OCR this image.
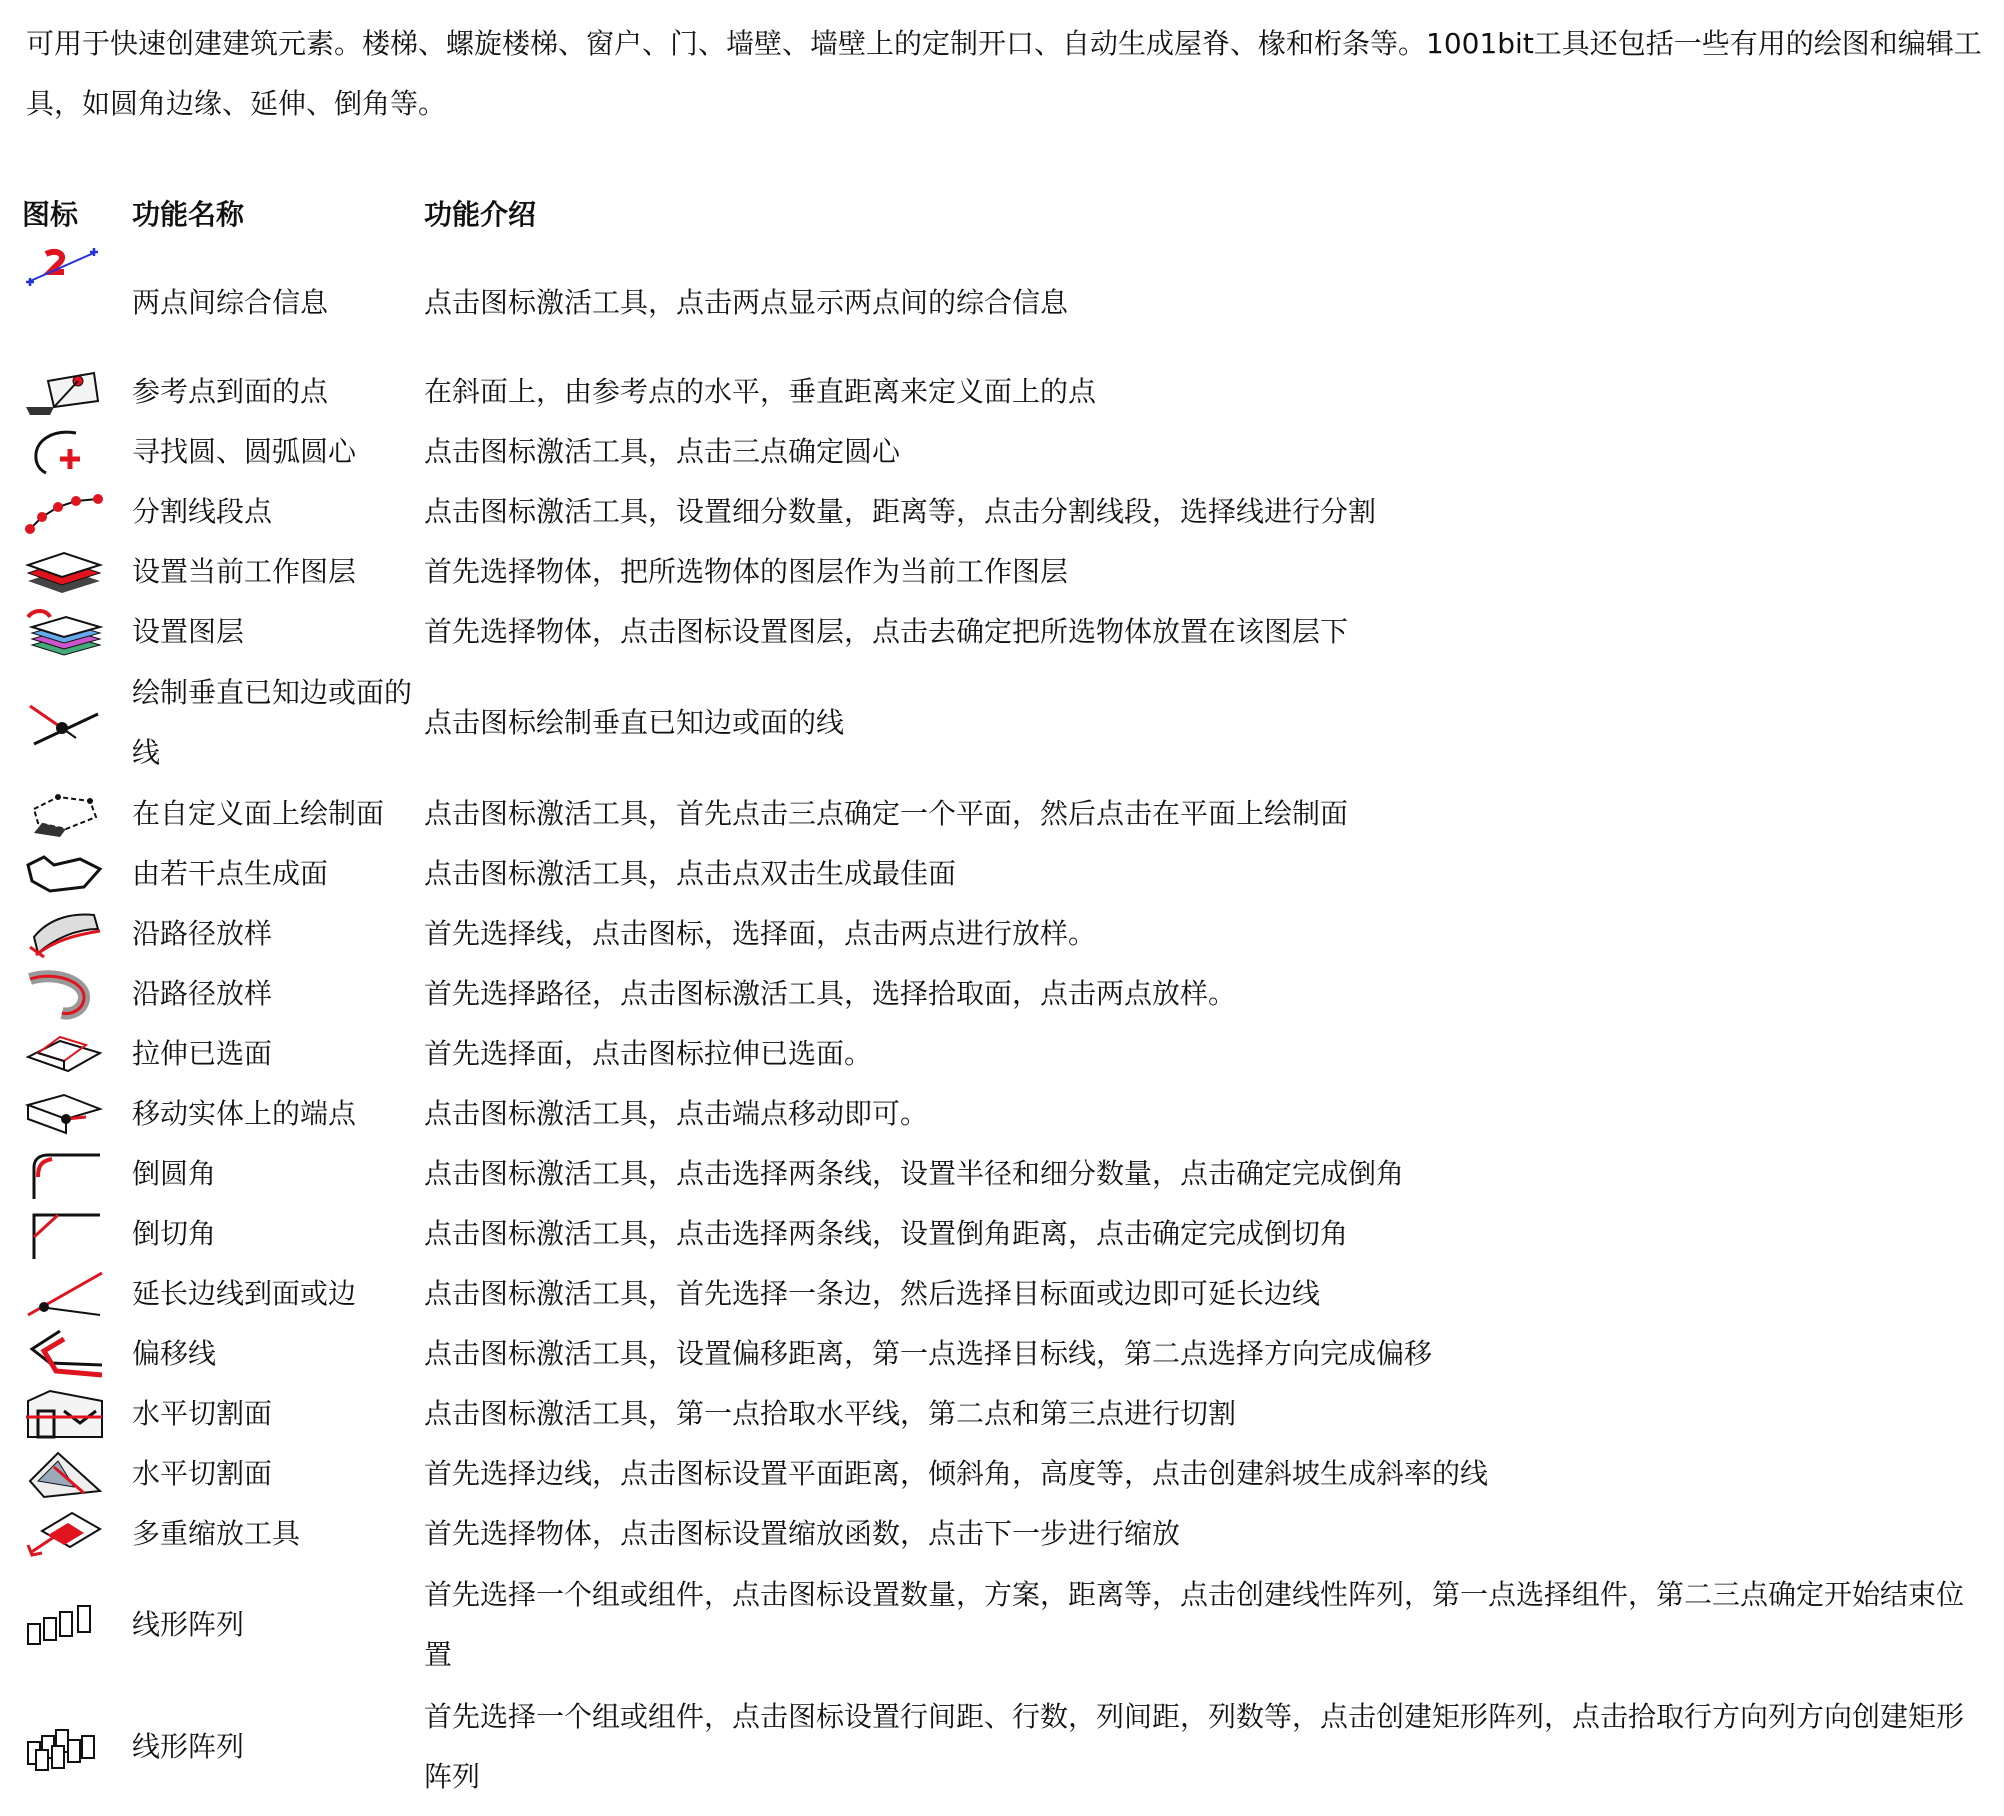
可用于快速创建建筑元素。楼梯、螺旋楼梯、窗户、门、墙壁、墙壁上的定制开口、自动生成屋脊、椽和桁条等。1001bit工具还包括一些有用的绘图和编辑工具，如圆角边缘、延伸、倒角等。

图标	功能名称	功能介绍

	两点间综合信息	点击图标激活工具，点击两点显示两点间的综合信息

	参考点到面的点	在斜面上，由参考点的水平，垂直距离来定义面上的点

	寻找圆、圆弧圆心	点击图标激活工具，点击三点确定圆心

	分割线段点	点击图标激活工具，设置细分数量，距离等，点击分割线段，选择线进行分割

	设置当前工作图层	首先选择物体，把所选物体的图层作为当前工作图层

	设置图层	首先选择物体，点击图标设置图层，点击去确定把所选物体放置在该图层下

	绘制垂直已知边或面的线	点击图标绘制垂直已知边或面的线

	在自定义面上绘制面	点击图标激活工具，首先点击三点确定一个平面，然后点击在平面上绘制面

	由若干点生成面	点击图标激活工具，点击点双击生成最佳面

	沿路径放样	首先选择线，点击图标，选择面，点击两点进行放样。

	沿路径放样	首先选择路径，点击图标激活工具，选择拾取面，点击两点放样。

	拉伸已选面	首先选择面，点击图标拉伸已选面。

	移动实体上的端点	点击图标激活工具，点击端点移动即可。

	倒圆角	点击图标激活工具，点击选择两条线，设置半径和细分数量，点击确定完成倒角

	倒切角	点击图标激活工具，点击选择两条线，设置倒角距离，点击确定完成倒切角

	延长边线到面或边	点击图标激活工具，首先选择一条边，然后选择目标面或边即可延长边线

	偏移线	点击图标激活工具，设置偏移距离，第一点选择目标线，第二点选择方向完成偏移

	水平切割面	点击图标激活工具，第一点拾取水平线，第二点和第三点进行切割

	水平切割面	首先选择边线，点击图标设置平面距离，倾斜角，高度等，点击创建斜坡生成斜率的线

	多重缩放工具	首先选择物体，点击图标设置缩放函数，点击下一步进行缩放

	线形阵列	首先选择一个组或组件，点击图标设置数量，方案，距离等，点击创建线性阵列，第一点选择组件，第二三点确定开始结束位置

	线形阵列	首先选择一个组或组件，点击图标设置行间距、行数，列间距，列数等，点击创建矩形阵列，点击拾取行方向列方向创建矩形阵列
